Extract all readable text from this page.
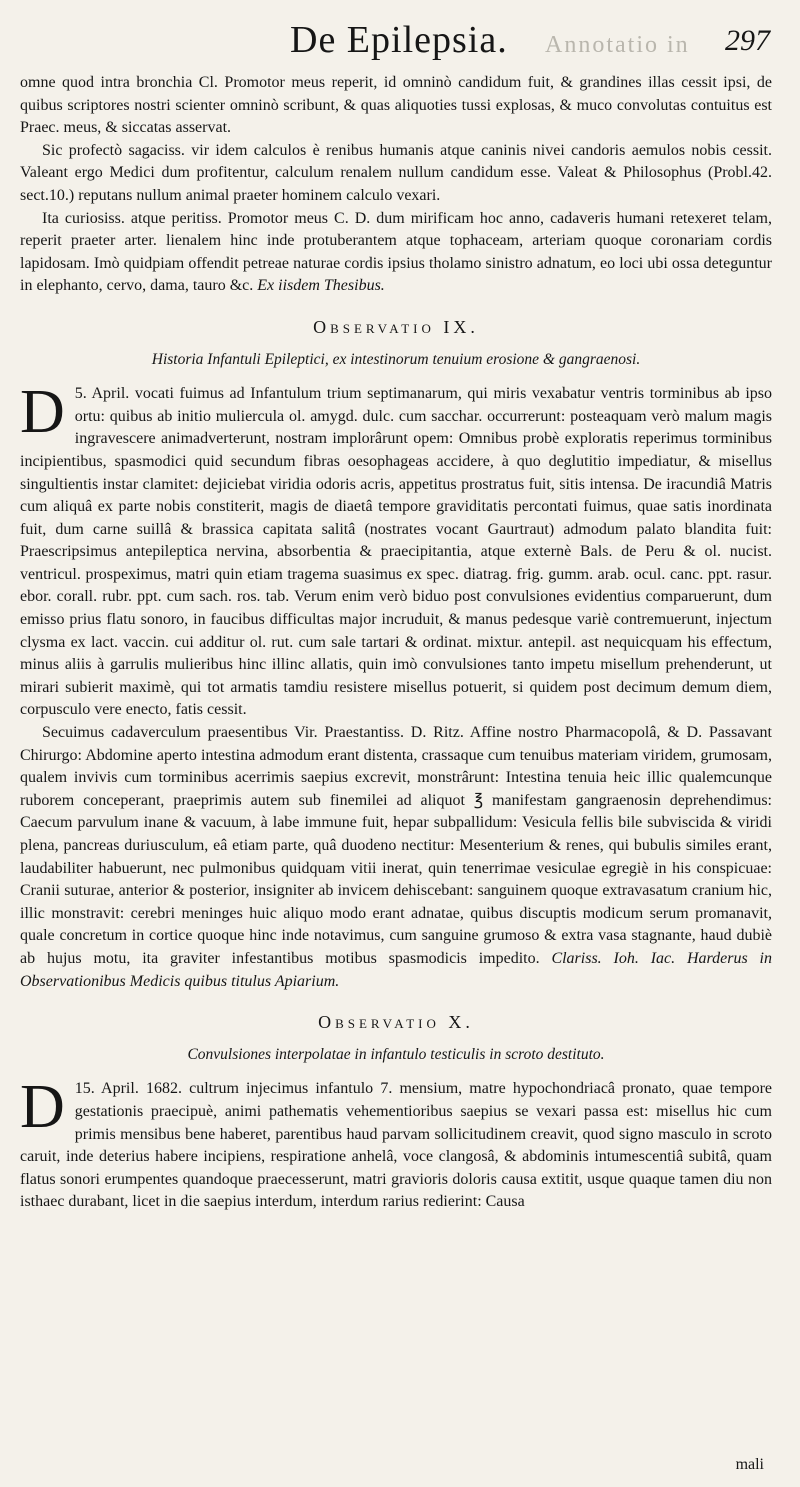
Annotatio in
De Epilepsia.	297

omne quod intra bronchia Cl. Promotor meus reperit, id omninò candidum fuit, & grandines illas cessit ipsi, de quibus scriptores nostri scienter omninò scribunt, & quas aliquoties tussi explosas, & muco convolutas contuitus est Praec. meus, & siccatas asservat.

Sic profectò sagaciss. vir idem calculos è renibus humanis atque caninis nivei candoris aemulos nobis cessit. Valeant ergo Medici dum profitentur, calculum renalem nullum candidum esse. Valeat & Philosophus (Probl.42. sect.10.) reputans nullum animal praeter hominem calculo vexari.

Ita curiosiss. atque peritiss. Promotor meus C. D. dum mirificam hoc anno, cadaveris humani retexeret telam, reperit praeter arter. lienalem hinc inde protuberantem atque tophaceam, arteriam quoque coronariam cordis lapidosam. Imò quidpiam offendit petreae naturae cordis ipsius tholamo sinistro adnatum, eo loci ubi ossa deteguntur in elephanto, cervo, dama, tauro &c. Ex iisdem Thesibus.

Observatio IX.
Historia Infantuli Epileptici, ex intestinorum tenuium erosione & gangraenosi.

D 5. April. vocati fuimus ad Infantulum trium septimanarum, qui miris vexabatur ventris torminibus ab ipso ortu: quibus ab initio muliercula ol. amygd. dulc. cum sacchar. occurrerunt: posteaquam verò malum magis ingravescere animadverterunt, nostram implorârunt opem: Omnibus probè exploratis reperimus torminibus incipientibus, spasmodici quid secundum fibras oesophageas accidere, à quo deglutitio impediatur, & misellus singultientis instar clamitet: dejiciebat viridia odoris acris, appetitus prostratus fuit, sitis intensa. De iracundiâ Matris cum aliquâ ex parte nobis constiterit, magis de diaetâ tempore graviditatis percontati fuimus, quae satis inordinata fuit, dum carne suillâ & brassica capitata salitâ (nostrates vocant Gaurtraut) admodum palato blandita fuit: Praescripsimus antepileptica nervina, absorbentia & praecipitantia, atque externè Bals. de Peru & ol. nucist. ventricul. prospeximus, matri quin etiam tragema suasimus ex spec. diatrag. frig. gumm. arab. ocul. canc. ppt. rasur. ebor. corall. rubr. ppt. cum sach. ros. tab. Verum enim verò biduo post convulsiones evidentius comparuerunt, dum emisso prius flatu sonoro, in faucibus difficultas major incruduit, & manus pedesque variè contremuerunt, injectum clysma ex lact. vaccin. cui additur ol. rut. cum sale tartari & ordinat. mixtur. antepil. ast nequicquam his effectum, minus aliis à garrulis mulieribus hinc illinc allatis, quin imò convulsiones tanto impetu misellum prehenderunt, ut mirari subierit maximè, qui tot armatis tamdiu resistere misellus potuerit, si quidem post decimum demum diem, corpusculo vere enecto, fatis cessit.

Secuimus cadaverculum praesentibus Vir. Praestantiss. D. Ritz. Affine nostro Pharmacopolâ, & D. Passavant Chirurgo: Abdomine aperto intestina admodum erant distenta, crassaque cum tenuibus materiam viridem, grumosam, qualem invivis cum torminibus acerrimis saepius excrevit, monstrârunt: Intestina tenuia heic illic qualemcunque ruborem conceperant, praeprimis autem sub finemilei ad aliquot ℥ manifestam gangraenosin deprehendimus: Caecum parvulum inane & vacuum, à labe immune fuit, hepar subpallidum: Vesicula fellis bile subviscida & viridi plena, pancreas duriusculum, eâ etiam parte, quâ duodeno nectitur: Mesenterium & renes, qui bubulis similes erant, laudabiliter habuerunt, nec pulmonibus quidquam vitii inerat, quin tenerrimae vesiculae egregiè in his conspicuae: Cranii suturae, anterior & posterior, insigniter ab invicem dehiscebant: sanguinem quoque extravasatum cranium hic, illic monstravit: cerebri meninges huic aliquo modo erant adnatae, quibus discuptis modicum serum promanavit, quale concretum in cortice quoque hinc inde notavimus, cum sanguine grumoso & extra vasa stagnante, haud dubiè ab hujus motu, ita graviter infestantibus motibus spasmodicis impedito. Clariss. Ioh. Iac. Harderus in Observationibus Medicis quibus titulus Apiarium.

Observatio X.
Convulsiones interpolatae in infantulo testiculis in scroto destituto.

D 15. April. 1682. cultrum injecimus infantulo 7. mensium, matre hypochondriacâ pronato, quae tempore gestationis praecipuè, animi pathematis vehementioribus saepius se vexari passa est: misellus hic cum primis mensibus bene haberet, parentibus haud parvam sollicitudinem creavit, quod signo masculo in scroto caruit, inde deterius habere incipiens, respiratione anhelâ, voce clangosâ, & abdominis intumescentiâ subitâ, quam flatus sonori erumpentes quandoque praecesserunt, matri gravioris doloris causa extitit, usque quaque tamen diu non isthaec durabant, licet in die saepius interdum, interdum rarius redierint: Causa

mali
